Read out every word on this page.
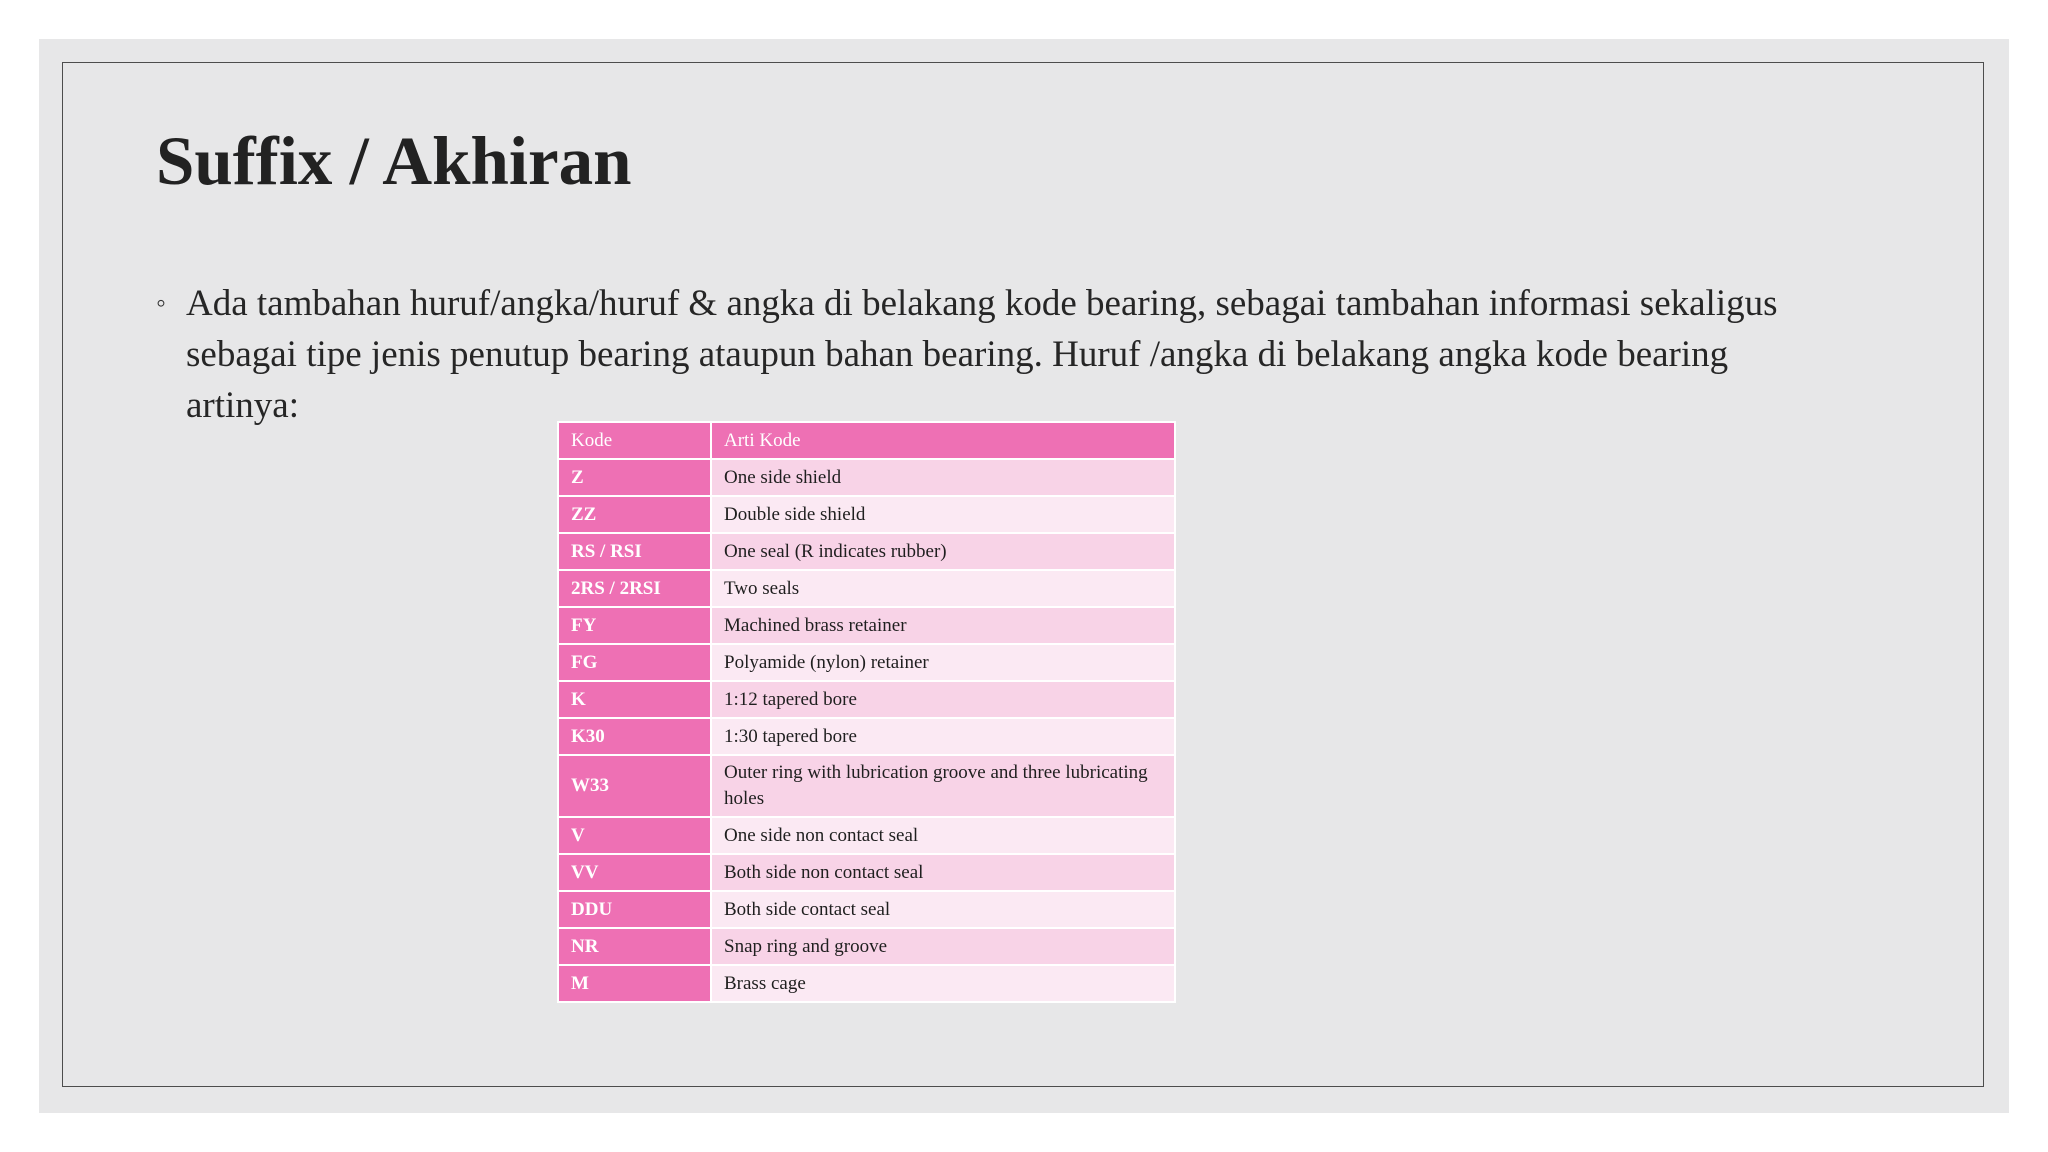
Suffix / Akhiran
◦ Ada tambahan huruf/angka/huruf & angka di belakang kode bearing, sebagai tambahan informasi sekaligus sebagai tipe jenis penutup bearing ataupun bahan bearing. Huruf /angka di belakang angka kode bearing artinya:
Kode	Arti Kode
Z	One side shield
ZZ	Double side shield
RS / RSI	One seal (R indicates rubber)
2RS / 2RSI	Two seals
FY	Machined brass retainer
FG	Polyamide (nylon) retainer
K	1:12 tapered bore
K30	1:30 tapered bore
W33	Outer ring with lubrication groove and three lubricating holes
V	One side non contact seal
VV	Both side non contact seal
DDU	Both side contact seal
NR	Snap ring and groove
M	Brass cage
